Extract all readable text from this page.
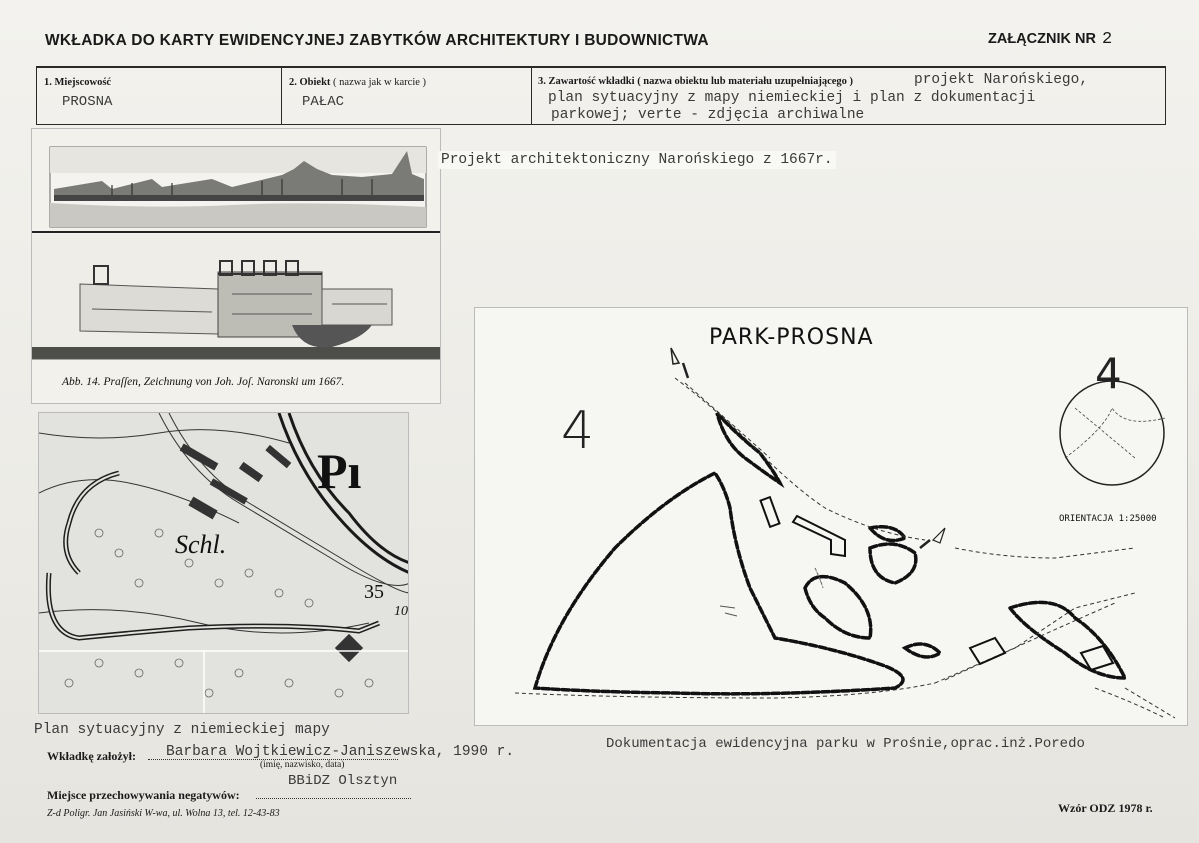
WKŁADKA DO KARTY EWIDENCYJNEJ ZABYTKÓW ARCHITEKTURY I BUDOWNICTWA	ZAŁĄCZNIK NR 2
1. Miejscowość
PROSNA
2. Obiekt ( nazwa jak w karcie )
PAŁAC
3. Zawartość wkładki ( nazwa obiektu lub materiału uzupełniającego )	projekt Narońskiego,
plan sytuacyjny z mapy niemieckiej i plan z dokumentacji
parkowej; verte - zdjęcia archiwalne
Abb. 14. Praſſen, Zeichnung von Joh. Joſ. Naronski um 1667.
Projekt architektoniczny Narońskiego z 1667r.
Pı
Schl.
35
10
Plan sytuacyjny z niemieckiej mapy
PARK-PROSNA
4
4
ORIENTACJA 1:25000
Dokumentacja ewidencyjna parku w Prośnie,oprac.inż.Poredo
Wkładkę założył: Barbara Wojtkiewicz-Janiszewska, 1990 r.
(imię, nazwisko, data)
BBiDZ Olsztyn
Miejsce przechowywania negatywów:
Z-d Poligr. Jan Jasiński W-wa, ul. Wolna 13, tel. 12-43-83	Wzór ODZ 1978 r.
